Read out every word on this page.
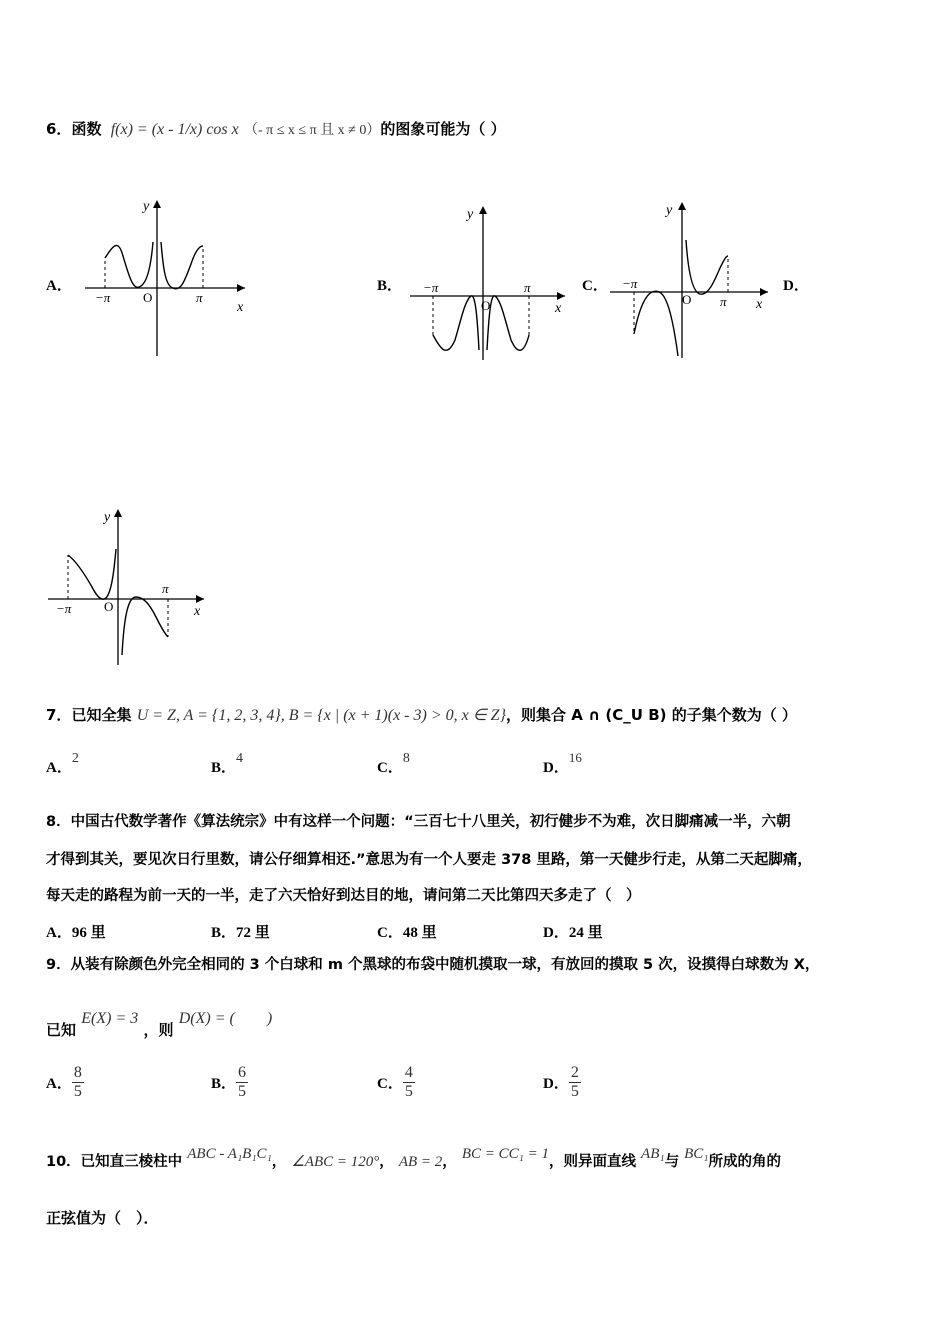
6．函数 f(x) = (x - 1/x) cos x （- π ≤ x ≤ π 且 x ≠ 0）的图象可能为（ ）
A．	B．	C．	D．
y
x
O
−π	π
y
x
O
−π	π
y
x
O
−π
π
y
x
O
−π
π
7．已知全集 U = Z, A = {1, 2, 3, 4}, B = {x | (x + 1)(x - 3) > 0, x ∈ Z}，则集合 A ∩ (C_U B) 的子集个数为（ ）
A．2
B．4
C．8
D．16
8．中国古代数学著作《算法统宗》中有这样一个问题：“三百七十八里关，初行健步不为难，次日脚痛减一半，六朝
才得到其关，要见次日行里数，请公仔细算相还.”意思为有一个人要走 378 里路，第一天健步行走，从第二天起脚痛，
每天走的路程为前一天的一半，走了六天恰好到达目的地，请问第二天比第四天多走了（　）
A．96 里	B．72 里	C．48 里	D．24 里
9．从装有除颜色外完全相同的 3 个白球和 m 个黑球的布袋中随机摸取一球，有放回的摸取 5 次，设摸得白球数为 X，
已知 E(X) = 3 ，则 D(X) = (　　)
A． $\frac{8}{5}$	B． $\frac{6}{5}$	C． $\frac{4}{5}$	D． $\frac{2}{5}$
10．已知直三棱柱中 ABC - A₁B₁C₁， ∠ABC = 120°， AB = 2， BC = CC₁ = 1，则异面直线 AB₁与 BC₁所成的角的
正弦值为（　）．
